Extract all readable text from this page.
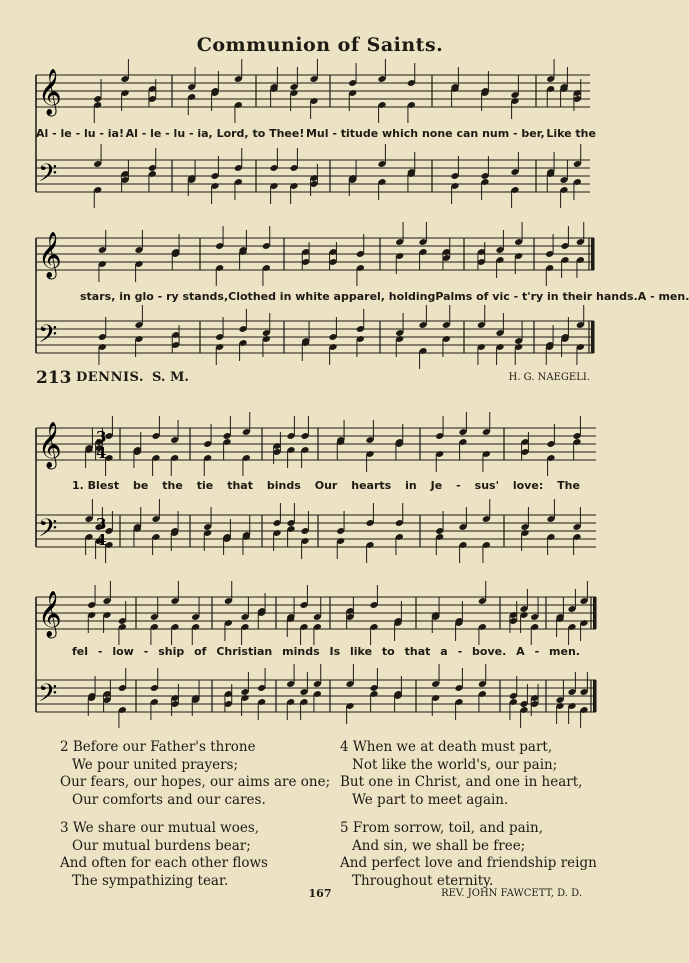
Communion of Saints.
𝄞
𝄢
𝄞
𝄢
𝄞
𝄢
𝄞
𝄢
3
4
3
4
Al - le - lu - ia! Al - le - lu - ia, Lord, to Thee! Mul - titude which none can num - ber, Like the
stars, in glo - ry stands, Clothed in white apparel, holding Palms of vic - t'ry in their hands. A - men.
213 DENNIS. S. M.	H. G. NAEGELI.
1. Blest be the tie that binds Our hearts in Je - sus' love: The
fel - low - ship of Christian minds Is like to that a - bove. A - men.
2 Before our Father's throne
We pour united prayers;
Our fears, our hopes, our aims are one;
Our comforts and our cares.
3 We share our mutual woes,
Our mutual burdens bear;
And often for each other flows
The sympathizing tear.
4 When we at death must part,
Not like the world's, our pain;
But one in Christ, and one in heart,
We part to meet again.
5 From sorrow, toil, and pain,
And sin, we shall be free;
And perfect love and friendship reign
Throughout eternity.
167	REV. JOHN FAWCETT, D. D.
